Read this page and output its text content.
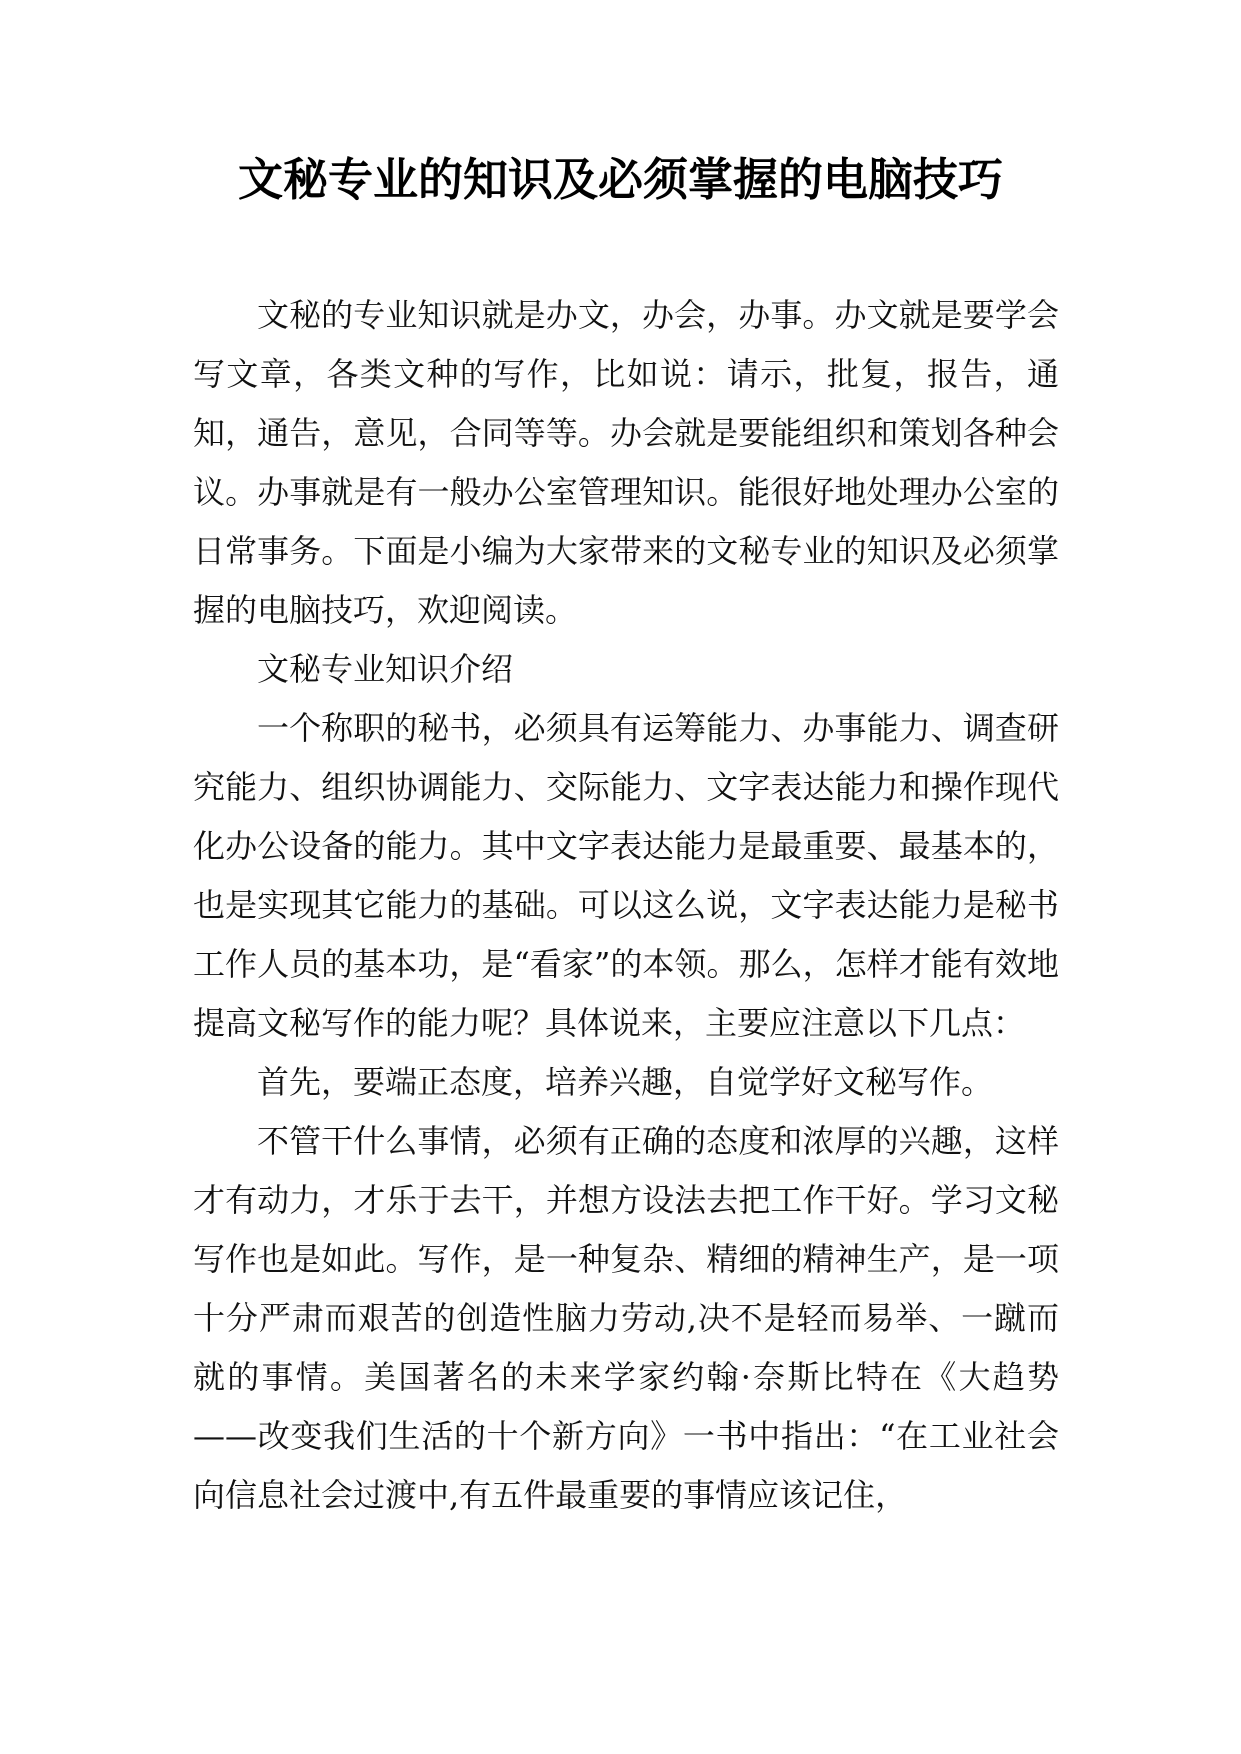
文秘专业的知识及必须掌握的电脑技巧

文秘的专业知识就是办文，办会，办事。办文就是要学会写文章，各类文种的写作，比如说：请示，批复，报告，通知，通告，意见，合同等等。办会就是要能组织和策划各种会议。办事就是有一般办公室管理知识。能很好地处理办公室的日常事务。下面是小编为大家带来的文秘专业的知识及必须掌握的电脑技巧，欢迎阅读。

文秘专业知识介绍

一个称职的秘书，必须具有运筹能力、办事能力、调查研究能力、组织协调能力、交际能力、文字表达能力和操作现代化办公设备的能力。其中文字表达能力是最重要、最基本的，也是实现其它能力的基础。可以这么说，文字表达能力是秘书工作人员的基本功，是“看家”的本领。那么，怎样才能有效地提高文秘写作的能力呢？具体说来，主要应注意以下几点：

首先，要端正态度，培养兴趣，自觉学好文秘写作。

不管干什么事情，必须有正确的态度和浓厚的兴趣，这样才有动力，才乐于去干，并想方设法去把工作干好。学习文秘写作也是如此。写作，是一种复杂、精细的精神生产，是一项十分严肃而艰苦的创造性脑力劳动,决不是轻而易举、一蹴而就的事情。美国著名的未来学家约翰·奈斯比特在《大趋势——改变我们生活的十个新方向》一书中指出：“在工业社会向信息社会过渡中,有五件最重要的事情应该记住，
